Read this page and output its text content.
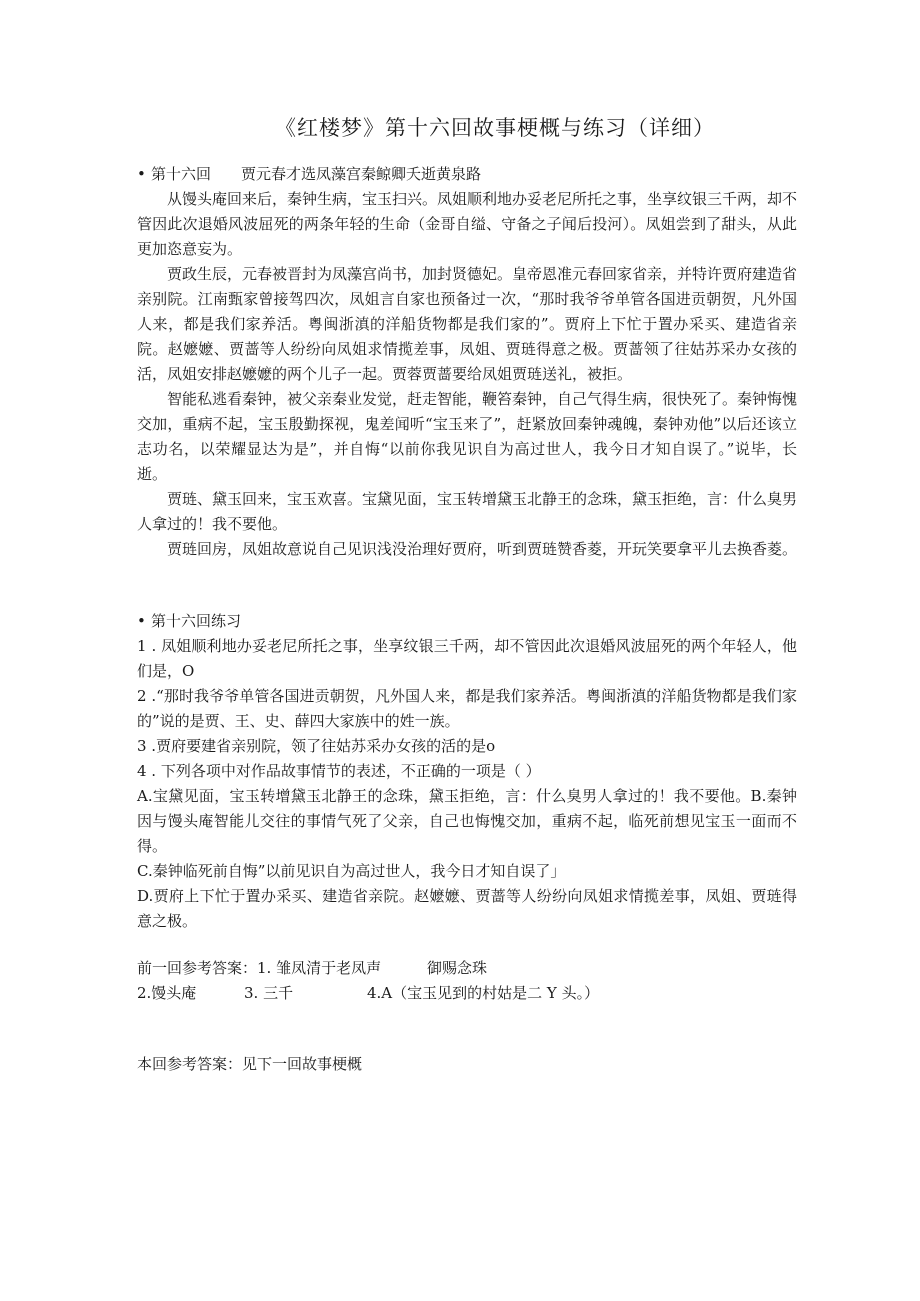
《红楼梦》第十六回故事梗概与练习（详细）
• 第十六回 贾元春才选凤藻宫秦鲸卿夭逝黄泉路

从馒头庵回来后，秦钟生病，宝玉扫兴。凤姐顺利地办妥老尼所托之事，坐享纹银三千两，却不管因此次退婚风波屈死的两条年轻的生命（金哥自缢、守备之子闻后投河）。凤姐尝到了甜头，从此更加恣意妄为。

贾政生辰，元春被晋封为凤藻宫尚书，加封贤德妃。皇帝恩准元春回家省亲，并特许贾府建造省亲别院。江南甄家曾接驾四次，凤姐言自家也预备过一次，“那时我爷爷单管各国进贡朝贺，凡外国人来，都是我们家养活。粤闽浙滇的洋船货物都是我们家的”。贾府上下忙于置办采买、建造省亲院。赵嬷嬷、贾蔷等人纷纷向凤姐求情揽差事，凤姐、贾琏得意之极。贾蔷领了往姑苏采办女孩的活，凤姐安排赵嬷嬷的两个儿子一起。贾蓉贾蔷要给凤姐贾琏送礼，被拒。

智能私逃看秦钟，被父亲秦业发觉，赶走智能，鞭笞秦钟，自己气得生病，很快死了。秦钟悔愧交加，重病不起，宝玉殷勤探视，鬼差闻听“宝玉来了”，赶紧放回秦钟魂魄，秦钟劝他”以后还该立志功名，以荣耀显达为是”，并自悔“以前你我见识自为高过世人，我今日才知自误了。”说毕，长逝。

贾琏、黛玉回来，宝玉欢喜。宝黛见面，宝玉转增黛玉北静王的念珠，黛玉拒绝，言：什么臭男人拿过的！我不要他。

贾琏回房，凤姐故意说自己见识浅没治理好贾府，听到贾琏赞香菱，开玩笑要拿平儿去换香菱。

• 第十六回练习

1 . 凤姐顺利地办妥老尼所托之事，坐享纹银三千两，却不管因此次退婚风波屈死的两个年轻人，他们是，O

2 .“那时我爷爷单管各国进贡朝贺，凡外国人来，都是我们家养活。粤闽浙滇的洋船货物都是我们家的”说的是贾、王、史、薛四大家族中的姓一族。

3 .贾府要建省亲别院，领了往姑苏采办女孩的活的是o

4 . 下列各项中对作品故事情节的表述，不正确的一项是（ ）

A.宝黛见面，宝玉转增黛玉北静王的念珠，黛玉拒绝，言：什么臭男人拿过的！我不要他。B.秦钟因与馒头庵智能儿交往的事情气死了父亲，自己也悔愧交加，重病不起，临死前想见宝玉一面而不得。

C.秦钟临死前自悔”以前见识自为高过世人，我今日才知自误了」

D.贾府上下忙于置办采买、建造省亲院。赵嬷嬷、贾蔷等人纷纷向凤姐求情揽差事，凤姐、贾琏得意之极。

前一回参考答案：1. 雏凤清于老凤声	御赐念珠
2.馒头庵	3. 三千	4.A（宝玉见到的村姑是二 Y 头。）
本回参考答案：见下一回故事梗概
